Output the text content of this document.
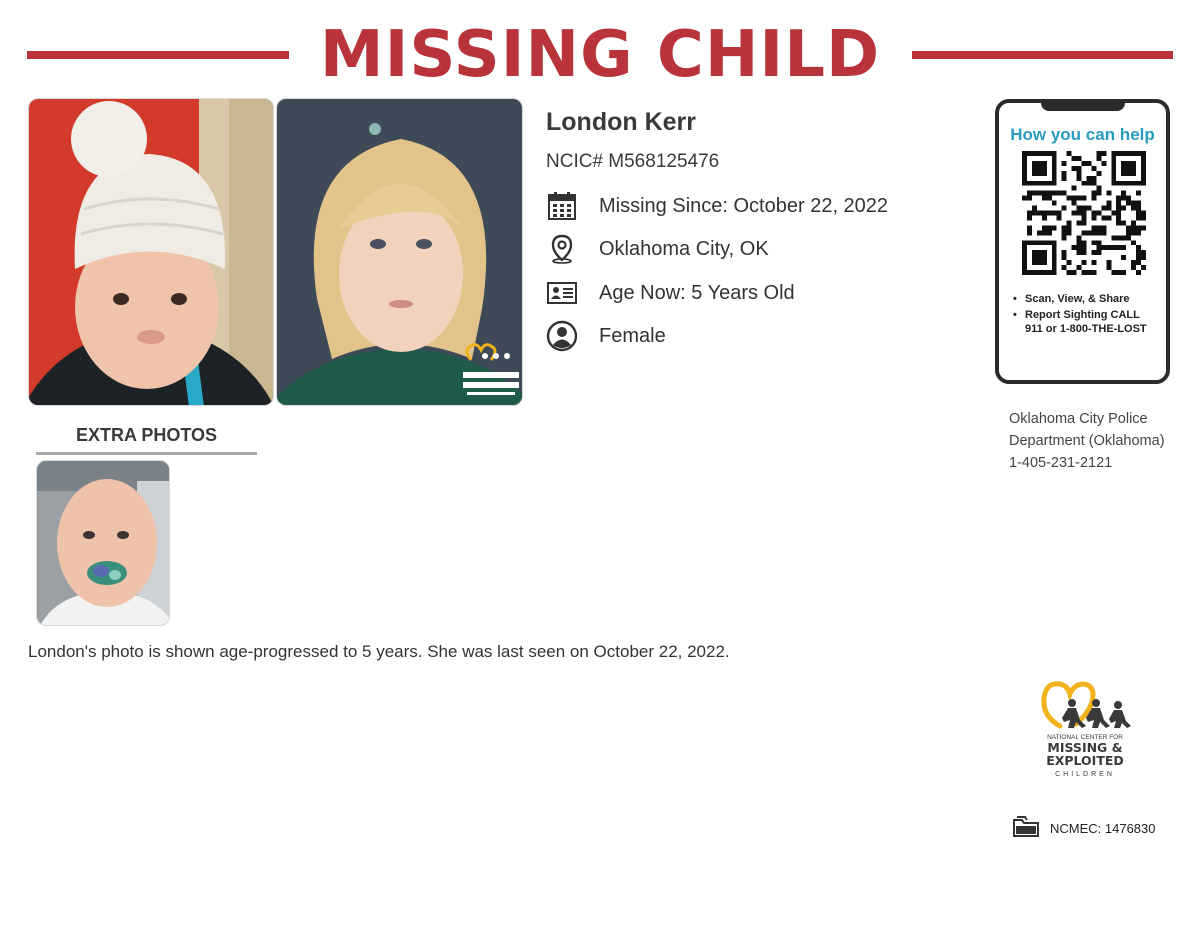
MISSING CHILD
London Kerr
NCIC# M568125476
Missing Since: October 22, 2022
Oklahoma City, OK
Age Now: 5 Years Old
Female
How you can help
• Scan, View, & Share
• Report Sighting CALL 911 or 1-800-THE-LOST
Oklahoma City Police Department (Oklahoma) 1-405-231-2121
EXTRA PHOTOS
London's photo is shown age-progressed to 5 years. She was last seen on October 22, 2022.
NATIONAL CENTER FOR
MISSING &
EXPLOITED
CHILDREN
NCMEC: 1476830
